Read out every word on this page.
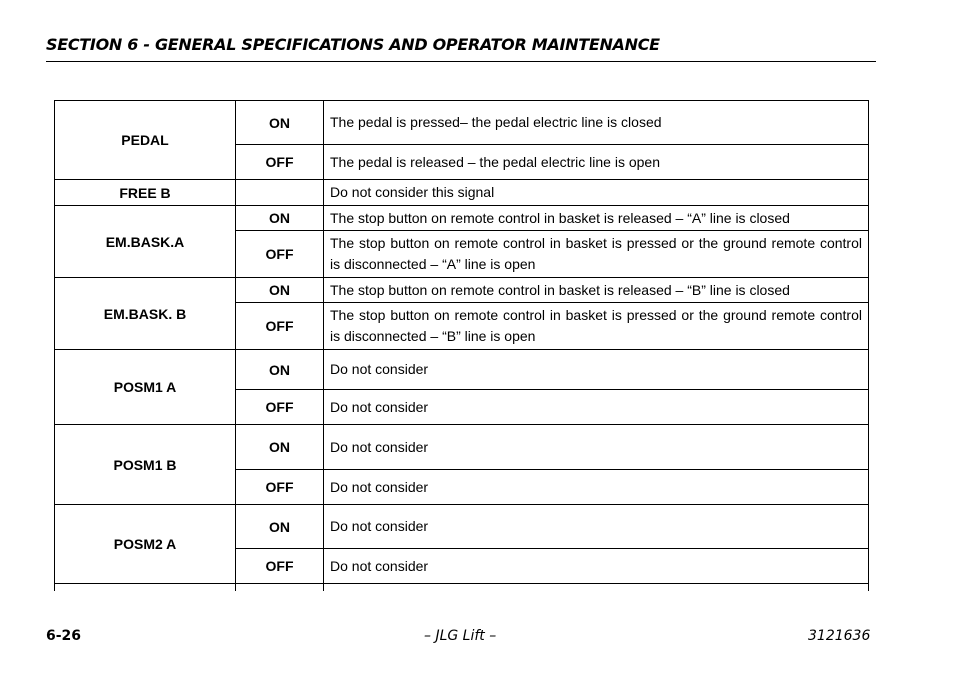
SECTION 6 - GENERAL SPECIFICATIONS AND OPERATOR MAINTENANCE
PEDAL	ON	The pedal is pressed– the pedal electric line is closed
	OFF	The pedal is released – the pedal electric line is open
FREE B		Do not consider this signal
EM.BASK.A	ON	The stop button on remote control in basket is released – “A” line is closed
	OFF	The stop button on remote control in basket is pressed or the ground remote control is disconnected – “A” line is open
EM.BASK. B	ON	The stop button on remote control in basket is released – “B” line is closed
	OFF	The stop button on remote control in basket is pressed or the ground remote control is disconnected – “B” line is open
POSM1 A	ON	Do not consider
	OFF	Do not consider
POSM1 B	ON	Do not consider
	OFF	Do not consider
POSM2 A	ON	Do not consider
	OFF	Do not consider

6-26	– JLG Lift –	3121636
